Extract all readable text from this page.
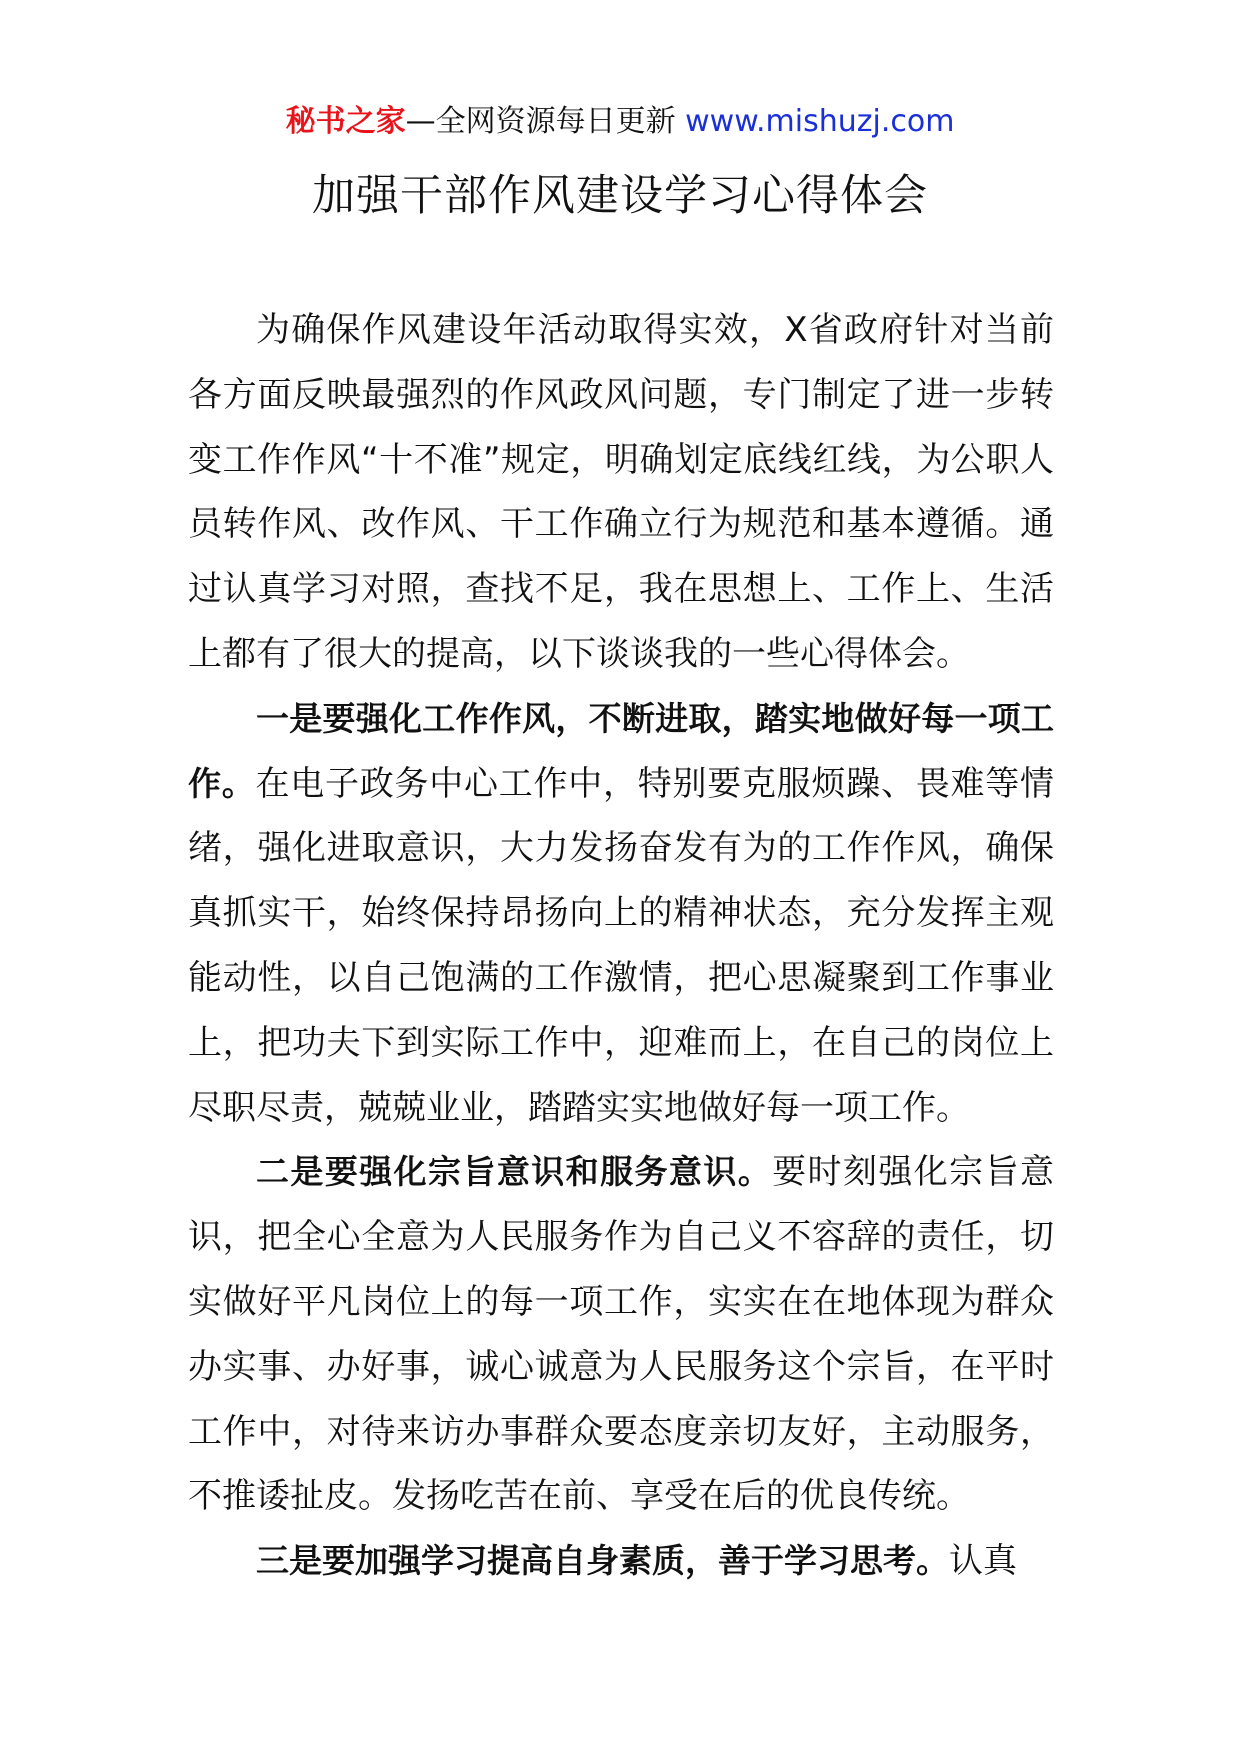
秘书之家—全网资源每日更新 www.mishuzj.com
加强干部作风建设学习心得体会

为确保作风建设年活动取得实效，X省政府针对当前各方面反映最强烈的作风政风问题，专门制定了进一步转变工作作风“十不准”规定，明确划定底线红线，为公职人员转作风、改作风、干工作确立行为规范和基本遵循。通过认真学习对照，查找不足，我在思想上、工作上、生活上都有了很大的提高，以下谈谈我的一些心得体会。

一是要强化工作作风，不断进取，踏实地做好每一项工作。在电子政务中心工作中，特别要克服烦躁、畏难等情绪，强化进取意识，大力发扬奋发有为的工作作风，确保真抓实干，始终保持昂扬向上的精神状态，充分发挥主观能动性，以自己饱满的工作激情，把心思凝聚到工作事业上，把功夫下到实际工作中，迎难而上，在自己的岗位上尽职尽责，兢兢业业，踏踏实实地做好每一项工作。

二是要强化宗旨意识和服务意识。要时刻强化宗旨意识，把全心全意为人民服务作为自己义不容辞的责任，切实做好平凡岗位上的每一项工作，实实在在地体现为群众办实事、办好事，诚心诚意为人民服务这个宗旨，在平时工作中，对待来访办事群众要态度亲切友好，主动服务，不推诿扯皮。发扬吃苦在前、享受在后的优良传统。

三是要加强学习提高自身素质，善于学习思考。认真
